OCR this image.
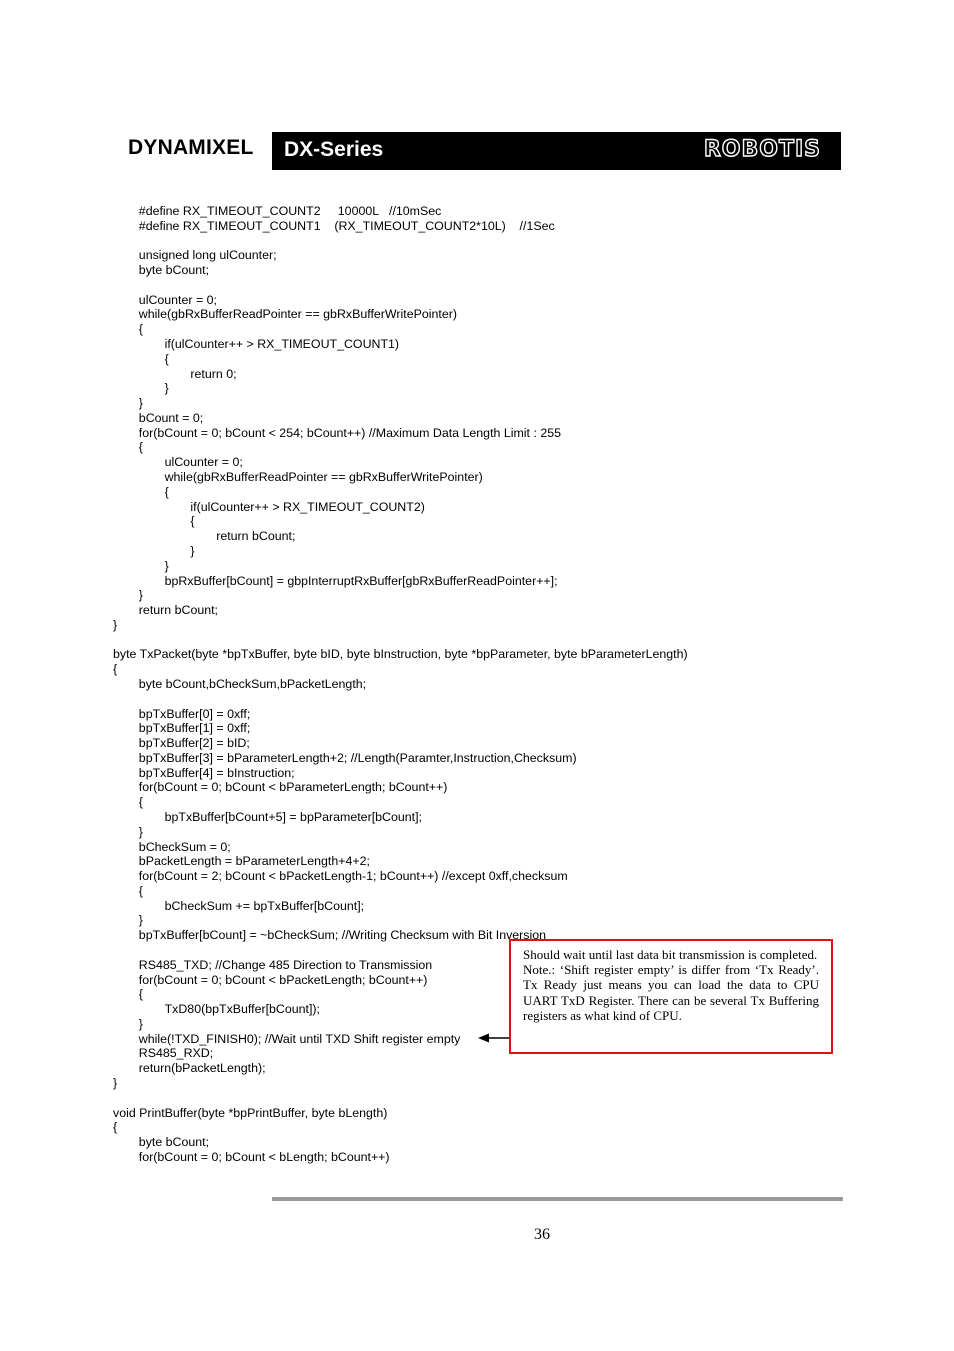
DYNAMIXEL DX-Series	ROBOTIS
#define RX_TIMEOUT_COUNT2     10000L   //10mSec
#define RX_TIMEOUT_COUNT1    (RX_TIMEOUT_COUNT2*10L)    //1Sec
unsigned long ulCounter;
byte bCount;
ulCounter = 0;
while(gbRxBufferReadPointer == gbRxBufferWritePointer)
{
if(ulCounter++ > RX_TIMEOUT_COUNT1)
{
return 0;
}
}
bCount = 0;
for(bCount = 0; bCount < 254; bCount++) //Maximum Data Length Limit : 255
{
ulCounter = 0;
while(gbRxBufferReadPointer == gbRxBufferWritePointer)
{
if(ulCounter++ > RX_TIMEOUT_COUNT2)
{
return bCount;
}
}
bpRxBuffer[bCount] = gbpInterruptRxBuffer[gbRxBufferReadPointer++];
}
return bCount;
}
byte TxPacket(byte *bpTxBuffer, byte bID, byte bInstruction, byte *bpParameter, byte bParameterLength)
{
byte bCount,bCheckSum,bPacketLength;
bpTxBuffer[0] = 0xff;
bpTxBuffer[1] = 0xff;
bpTxBuffer[2] = bID;
bpTxBuffer[3] = bParameterLength+2; //Length(Paramter,Instruction,Checksum)
bpTxBuffer[4] = bInstruction;
for(bCount = 0; bCount < bParameterLength; bCount++)
{
bpTxBuffer[bCount+5] = bpParameter[bCount];
}
bCheckSum = 0;
bPacketLength = bParameterLength+4+2;
for(bCount = 2; bCount < bPacketLength-1; bCount++) //except 0xff,checksum
{
bCheckSum += bpTxBuffer[bCount];
}
bpTxBuffer[bCount] = ~bCheckSum; //Writing Checksum with Bit Inversion
RS485_TXD; //Change 485 Direction to Transmission
for(bCount = 0; bCount < bPacketLength; bCount++)
{
TxD80(bpTxBuffer[bCount]);
}
while(!TXD_FINISH0); //Wait until TXD Shift register empty
RS485_RXD;
return(bPacketLength);
}
void PrintBuffer(byte *bpPrintBuffer, byte bLength)
{
byte bCount;
for(bCount = 0; bCount < bLength; bCount++)

Should wait until last data bit transmission is completed.

Note.: ‘Shift register empty’ is differ from ‘Tx Ready’. Tx Ready just means you can load the data to CPU UART TxD Register. There can be several Tx Buffering registers as what kind of CPU.

36
